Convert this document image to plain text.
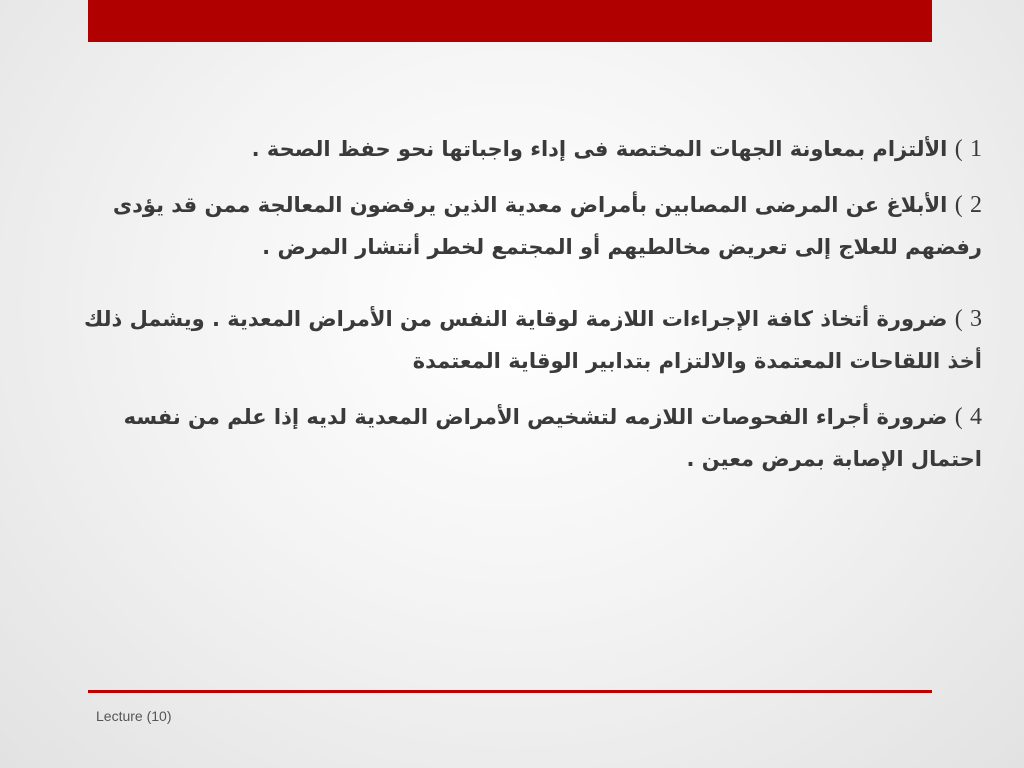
1 ) الألتزام بمعاونة الجهات المختصة فى إداء واجباتها نحو حفظ الصحة .

2 ) الأبلاغ عن المرضى المصابين بأمراض معدية الذين يرفضون المعالجة ممن قد يؤدى رفضهم للعلاج إلى تعريض مخالطيهم أو المجتمع لخطر أنتشار المرض .

3 ) ضرورة أتخاذ كافة الإجراءات اللازمة لوقاية النفس من الأمراض المعدية . ويشمل ذلك أخذ اللقاحات المعتمدة والالتزام بتدابير الوقاية المعتمدة

4 ) ضرورة أجراء الفحوصات اللازمه لتشخيص الأمراض المعدية لديه إذا علم من نفسه احتمال الإصابة بمرض معين .

Lecture (10)
